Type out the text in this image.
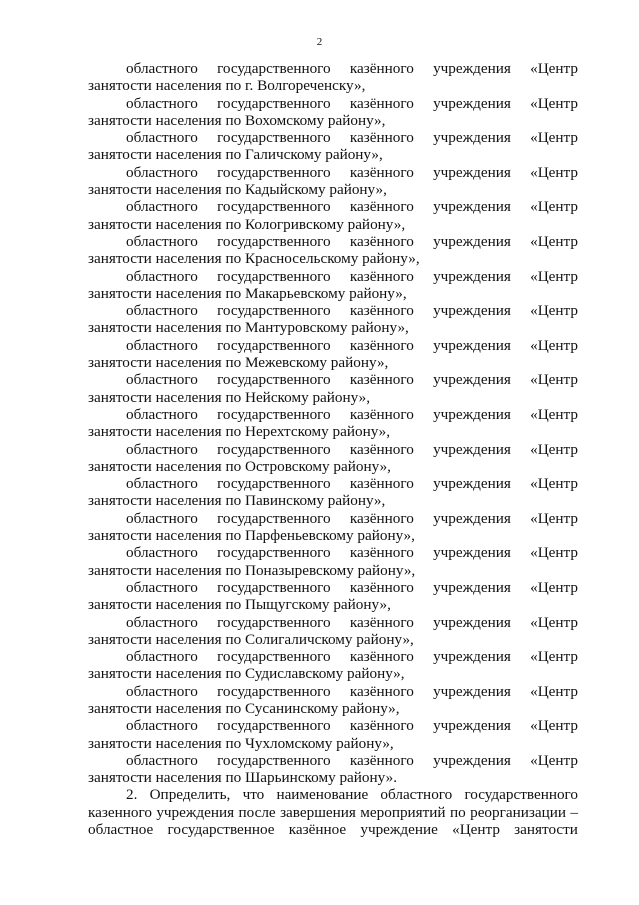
2
областного государственного казённого учреждения «Центр
занятости населения по г. Волгореченску»,
областного государственного казённого учреждения «Центр
занятости населения по Вохомскому району»,
областного государственного казённого учреждения «Центр
занятости населения по Галичскому району»,
областного государственного казённого учреждения «Центр
занятости населения по Кадыйскому району»,
областного государственного казённого учреждения «Центр
занятости населения по Кологривскому району»,
областного государственного казённого учреждения «Центр
занятости населения по Красносельскому району»,
областного государственного казённого учреждения «Центр
занятости населения по Макарьевскому району»,
областного государственного казённого учреждения «Центр
занятости населения по Мантуровскому району»,
областного государственного казённого учреждения «Центр
занятости населения по Межевскому району»,
областного государственного казённого учреждения «Центр
занятости населения по Нейскому району»,
областного государственного казённого учреждения «Центр
занятости населения по Нерехтскому району»,
областного государственного казённого учреждения «Центр
занятости населения по Островскому району»,
областного государственного казённого учреждения «Центр
занятости населения по Павинскому району»,
областного государственного казённого учреждения «Центр
занятости населения по Парфеньевскому району»,
областного государственного казённого учреждения «Центр
занятости населения по Поназыревскому району»,
областного государственного казённого учреждения «Центр
занятости населения по Пыщугскому району»,
областного государственного казённого учреждения «Центр
занятости населения по Солигаличскому району»,
областного государственного казённого учреждения «Центр
занятости населения по Судиславскому району»,
областного государственного казённого учреждения «Центр
занятости населения по Сусанинскому району»,
областного государственного казённого учреждения «Центр
занятости населения по Чухломскому району»,
областного государственного казённого учреждения «Центр
занятости населения по Шарьинскому району».
2. Определить, что наименование областного государственного
казенного учреждения после завершения мероприятий по реорганизации –
областное государственное казённое учреждение «Центр занятости
